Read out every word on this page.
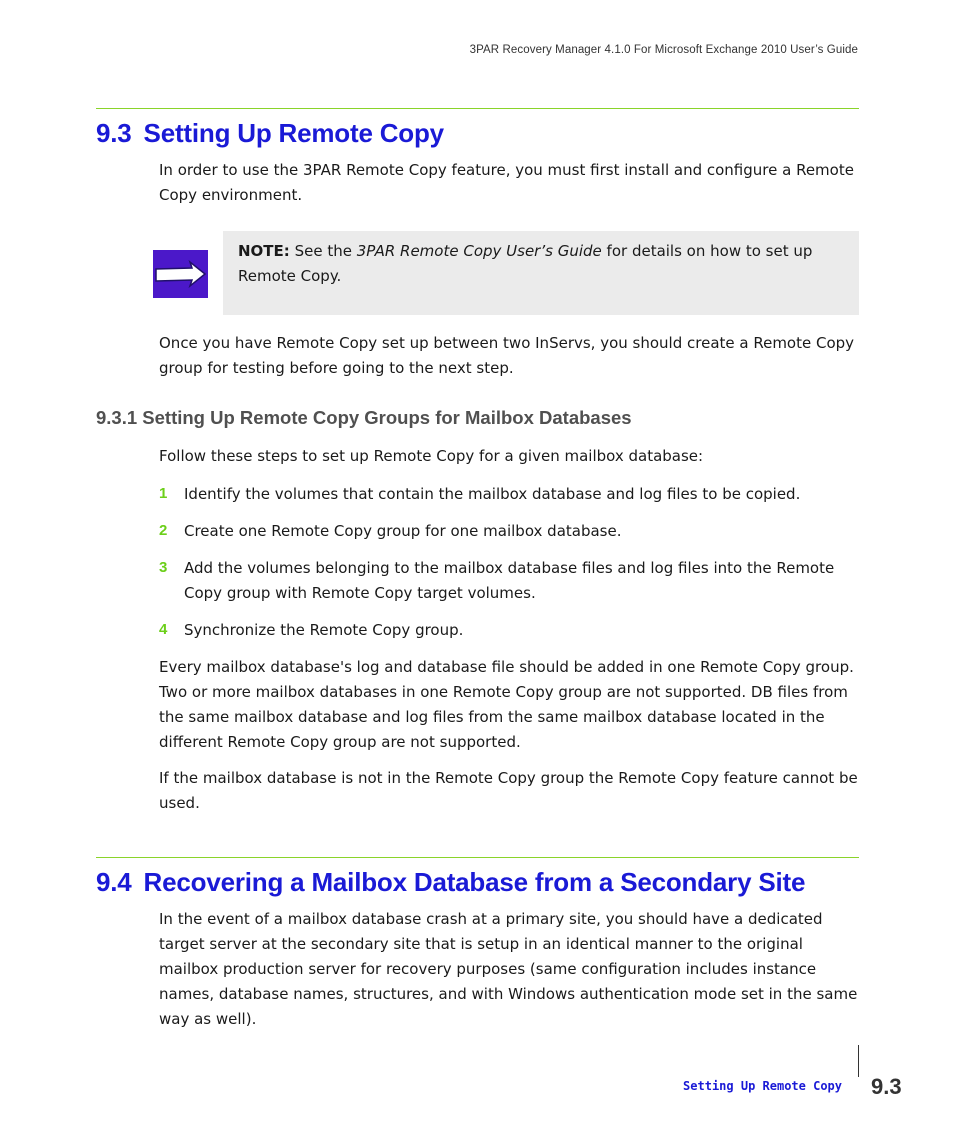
3PAR Recovery Manager 4.1.0 For Microsoft Exchange 2010 User’s Guide
9.3 Setting Up Remote Copy
In order to use the 3PAR Remote Copy feature, you must first install and configure a Remote Copy environment.
NOTE: See the 3PAR Remote Copy User’s Guide for details on how to set up Remote Copy.
Once you have Remote Copy set up between two InServs, you should create a Remote Copy group for testing before going to the next step.
9.3.1 Setting Up Remote Copy Groups for Mailbox Databases
Follow these steps to set up Remote Copy for a given mailbox database:
1 Identify the volumes that contain the mailbox database and log files to be copied.
2 Create one Remote Copy group for one mailbox database.
3 Add the volumes belonging to the mailbox database files and log files into the Remote Copy group with Remote Copy target volumes.
4 Synchronize the Remote Copy group.
Every mailbox database's log and database file should be added in one Remote Copy group. Two or more mailbox databases in one Remote Copy group are not supported. DB files from the same mailbox database and log files from the same mailbox database located in the different Remote Copy group are not supported.
If the mailbox database is not in the Remote Copy group the Remote Copy feature cannot be used.
9.4 Recovering a Mailbox Database from a Secondary Site
In the event of a mailbox database crash at a primary site, you should have a dedicated target server at the secondary site that is setup in an identical manner to the original mailbox production server for recovery purposes (same configuration includes instance names, database names, structures, and with Windows authentication mode set in the same way as well).
Setting Up Remote Copy 9.3
